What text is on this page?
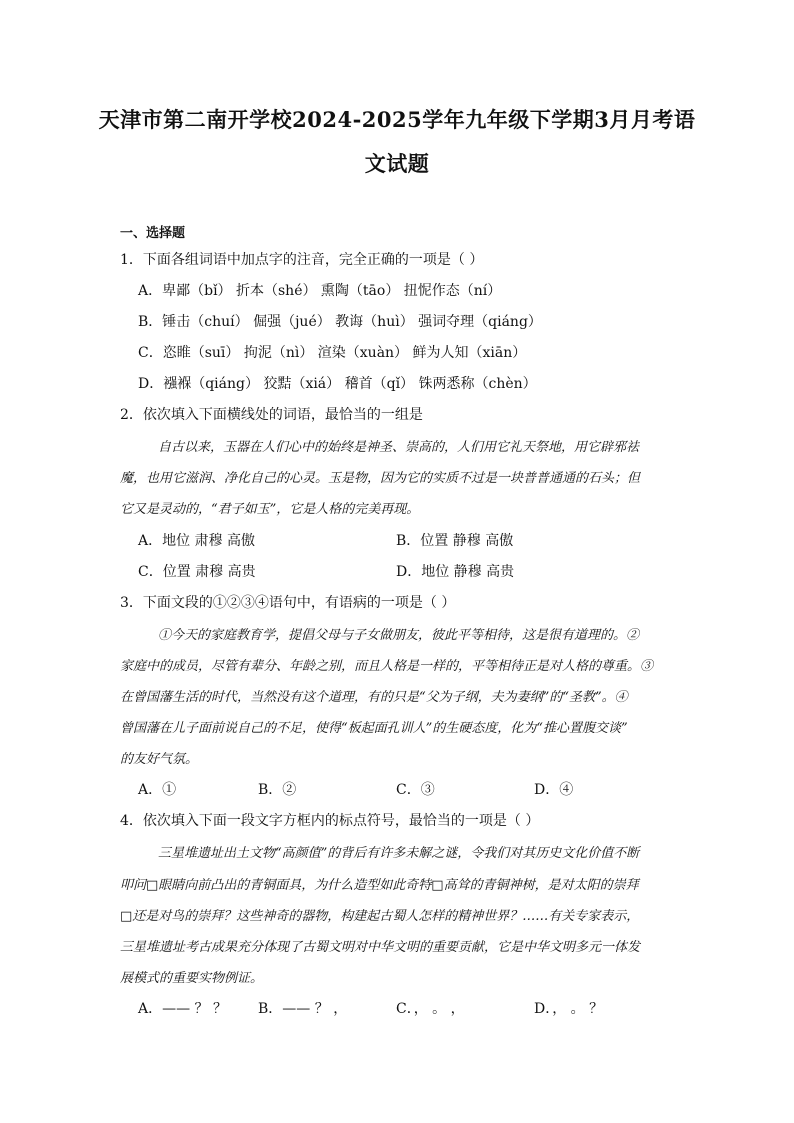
天津市第二南开学校2024-2025学年九年级下学期3月月考语
文试题
一、选择题
1．下面各组词语中加点字的注音，完全正确的一项是（ ）
A．卑鄙（bǐ） 折本（shé） 熏陶（tāo） 扭怩作态（ní）
B．锤击（chuí） 倔强（jué） 教诲（huì） 强词夺理（qiáng）
C．恣睢（suī） 拘泥（nì） 渲染（xuàn） 鲜为人知（xiān）
D．襁褓（qiáng） 狡黠（xiá） 稽首（qǐ） 铢两悉称（chèn）
2．依次填入下面横线处的词语，最恰当的一组是
自古以来，玉器在人们心中的始终是神圣、崇高的，人们用它礼天祭地，用它辟邪祛
魔，也用它滋润、净化自己的心灵。玉是物，因为它的实质不过是一块普普通通的石头；但
它又是灵动的，“君子如玉”，它是人格的完美再现。
A．地位 肃穆 高傲	B．位置 静穆 高傲
C．位置 肃穆 高贵	D．地位 静穆 高贵
3．下面文段的①②③④语句中，有语病的一项是（ ）
①今天的家庭教育学，提倡父母与子女做朋友，彼此平等相待，这是很有道理的。②
家庭中的成员，尽管有辈分、年龄之别，而且人格是一样的，平等相待正是对人格的尊重。③
在曾国藩生活的时代，当然没有这个道理，有的只是“父为子纲，夫为妻纲”的“圣教”。④
曾国藩在儿子面前说自己的不足，使得“板起面孔训人”的生硬态度，化为“推心置腹交谈”
的友好气氛。
A．①	B．②	C．③	D．④
4．依次填入下面一段文字方框内的标点符号，最恰当的一项是（ ）
三星堆遗址出土文物“高颜值”的背后有许多未解之谜，令我们对其历史文化价值不断
叩问□眼睛向前凸出的青铜面具，为什么造型如此奇特□高耸的青铜神树，是对太阳的崇拜
□还是对鸟的崇拜？这些神奇的器物，构建起古蜀人怎样的精神世界？……有关专家表示，
三星堆遗址考古成果充分体现了古蜀文明对中华文明的重要贡献，它是中华文明多元一体发
展模式的重要实物例证。
A．—— ？ ？ B．—— ？ ，	C．， 。 ，	D．， 。 ？
